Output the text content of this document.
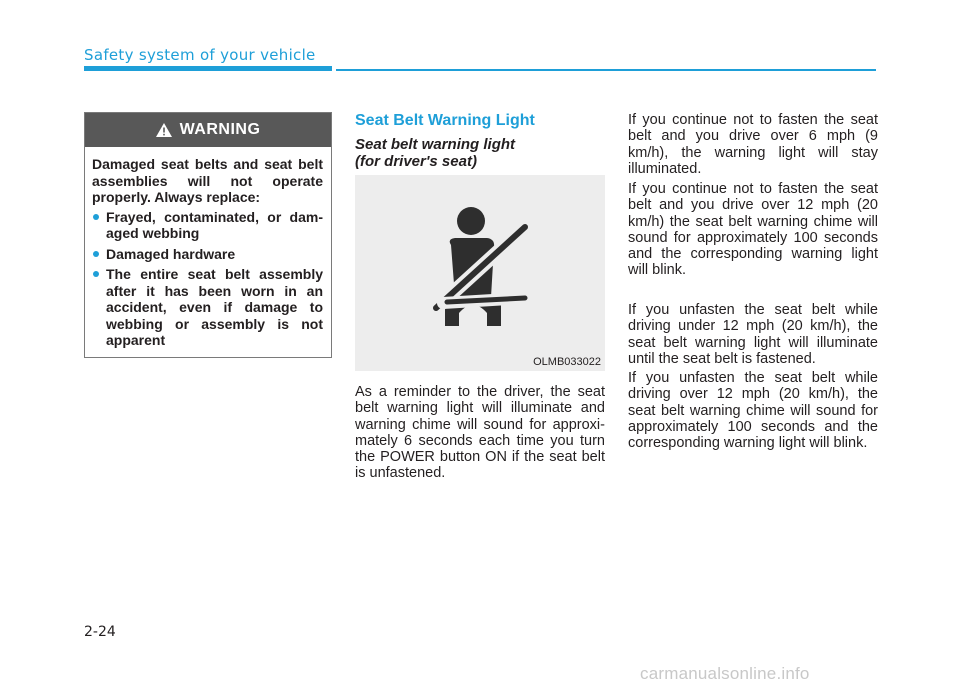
Safety system of your vehicle
WARNING

Damaged seat belts and seat belt assemblies will not operate properly. Always replace:

Frayed, contaminated, or dam- aged webbing
Damaged hardware
The entire seat belt assembly after it has been worn in an accident, even if damage to webbing or assembly is not apparent
Seat Belt Warning Light
Seat belt warning light
(for driver's seat)
OLMB033022

As a reminder to the driver, the seat belt warning light will illuminate and warning chime will sound for approxi- mately 6 seconds each time you turn the POWER button ON if the seat belt is unfastened.

If you continue not to fasten the seat belt and you drive over 6 mph (9 km/h), the warning light will stay illuminated.

If you continue not to fasten the seat belt and you drive over 12 mph (20 km/h) the seat belt warning chime will sound for approximately 100 seconds and the corresponding warning light will blink.

If you unfasten the seat belt while driving under 12 mph (20 km/h), the seat belt warning light will illuminate until the seat belt is fastened.

If you unfasten the seat belt while driving over 12 mph (20 km/h), the seat belt warning chime will sound for approximately 100 seconds and the corresponding warning light will blink.

2-24
carmanualsonline.info
